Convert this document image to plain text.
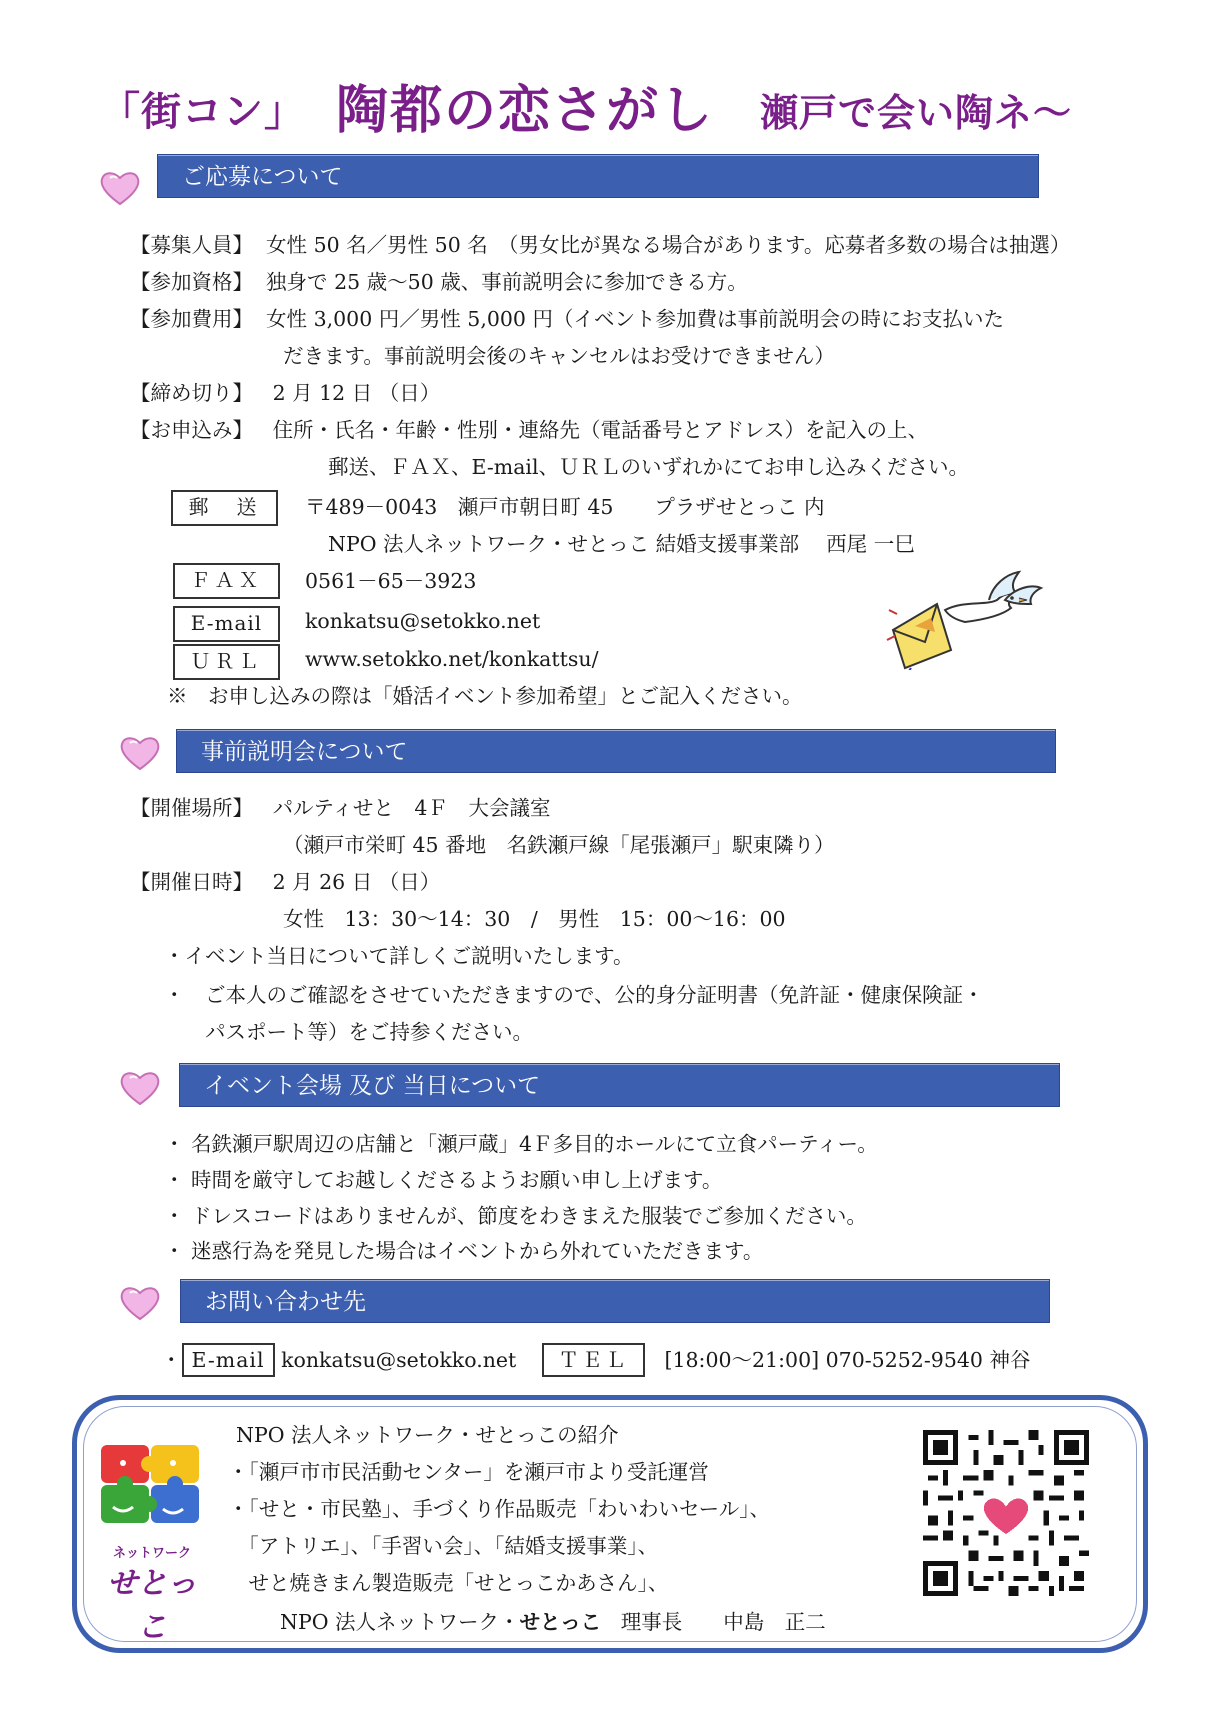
「街コン」 陶都の恋さがし 瀬戸で会い陶ネ～
ご応募について
【募集人員】 女性 50 名／男性 50 名　（男女比が異なる場合があります。応募者多数の場合は抽選）
【参加資格】 独身で 25 歳～50 歳、事前説明会に参加できる方。
【参加費用】 女性 3,000 円／男性 5,000 円（イベント参加費は事前説明会の時にお支払いた
だきます。事前説明会後のキャンセルはお受けできません）
【締め切り】 2 月 12 日 （日）
【お申込み】 住所・氏名・年齢・性別・連絡先（電話番号とアドレス）を記入の上、
郵送、ＦＡＸ、E-mail、ＵＲＬのいずれかにてお申し込みください。
郵　送	〒489－0043　瀬戸市朝日町 45　　プラザせとっこ 内
NPO 法人ネットワーク・せとっこ 結婚支援事業部　 西尾 一巳
ＦＡＸ	0561－65－3923
E-mail	konkatsu@setokko.net
ＵＲＬ	www.setokko.net/konkattsu/
※　お申し込みの際は「婚活イベント参加希望」とご記入ください。
事前説明会について
【開催場所】 パルティせと　4Ｆ　大会議室
（瀬戸市栄町 45 番地　名鉄瀬戸線「尾張瀬戸」駅東隣り）
【開催日時】 2 月 26 日 （日）
女性　13：30～14：30　/　男性　15：00～16：00
・イベント当日について詳しくご説明いたします。
・　ご本人のご確認をさせていただきますので、公的身分証明書（免許証・健康保険証・
　　パスポート等）をご持参ください。
イベント会場 及び 当日について
・ 名鉄瀬戸駅周辺の店舗と「瀬戸蔵」4Ｆ多目的ホールにて立食パーティー。
・ 時間を厳守してお越しくださるようお願い申し上げます。
・ ドレスコードはありませんが、節度をわきまえた服装でご参加ください。
・ 迷惑行為を発見した場合はイベントから外れていただきます。
お問い合わせ先
・ E-mail konkatsu@setokko.net ＴＥＬ [18:00～21:00] 070-5252-9540 神谷
ネットワーク
せとっこ
NPO 法人ネットワーク・せとっこの紹介
・「瀬戸市市民活動センター」を瀬戸市より受託運営
・「せと・市民塾」、手づくり作品販売「わいわいセール」、
　「アトリエ」、「手習い会」、「結婚支援事業」、
　せと焼きまん製造販売「せとっこかあさん」、
NPO 法人ネットワーク・せとっこ 理事長　　中島　正二
